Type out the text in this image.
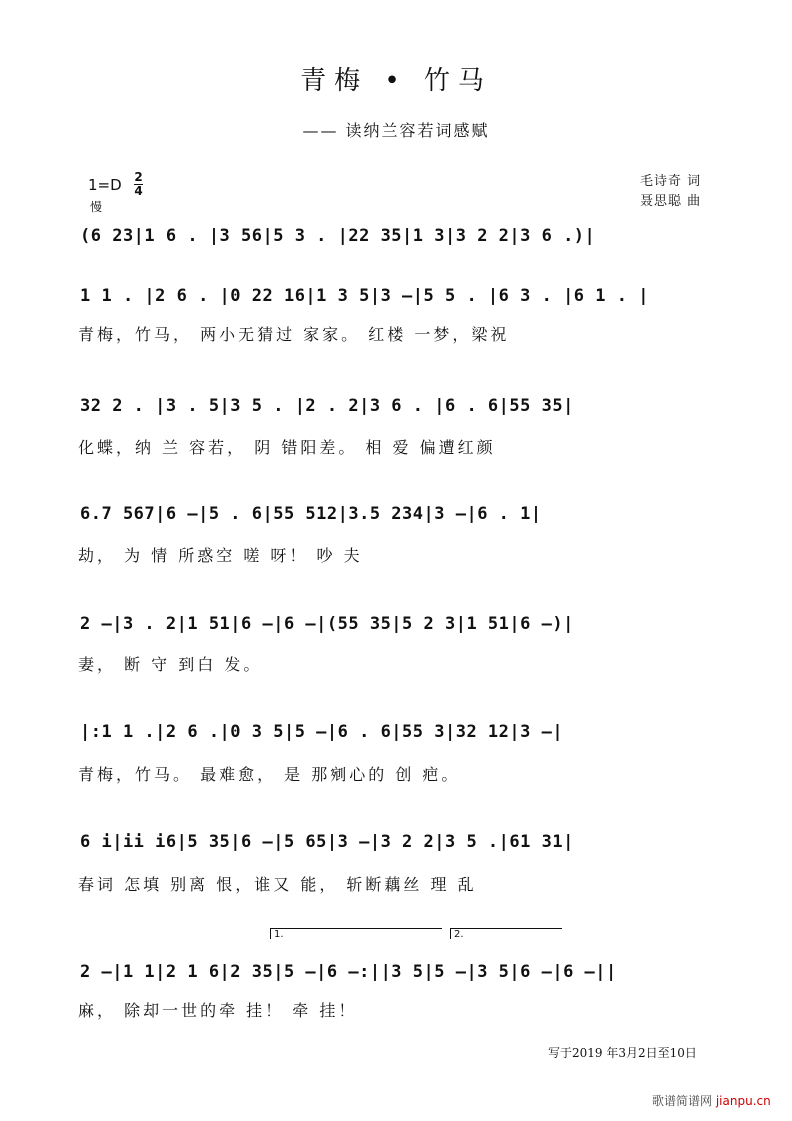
青梅 • 竹马
—— 读纳兰容若词感赋
1=D 2
4
慢
毛诗奇 词
聂思聪 曲
(6 23|1 6 . |3 56|5 3 . |22 35|1 3|3 2 2|3 6 .)|
1 1 . |2 6 . |0 22 16|1 3 5|3 –|5 5 . |6 3 . |6 1 . |
青梅，竹马， 两小无猜过 家家。 红楼 一梦，梁祝
32 2 . |3 . 5|3 5 . |2 . 2|3 6 . |6 . 6|55 35|
化蝶，纳 兰 容若， 阴 错阳差。 相 爱 偏遭红颜
6.7 567|6 –|5 . 6|55 512|3.5 234|3 –|6 . 1|
劫， 为 情 所惑空 嗟 呀！ 吵 夫
2 –|3 . 2|1 51|6 –|6 –|(55 35|5 2 3|1 51|6 –)|
妻， 断 守 到白 发。
|:1 1 .|2 6 .|0 3 5|5 –|6 . 6|55 3|32 12|3 –|
青梅，竹马。 最难愈， 是 那剜心的 创 疤。
6 i|ii i6|5 35|6 –|5 65|3 –|3 2 2|3 5 .|61 31|
春词 怎填 别离 恨，谁又 能， 斩断藕丝 理 乱
1.	2.
2 –|1 1|2 1 6|2 35|5 –|6 –:||3 5|5 –|3 5|6 –|6 –||
麻， 除却一世的牵 挂！ 牵 挂！
写于2019 年3月2日至10日
歌谱简谱网 jianpu.cn
